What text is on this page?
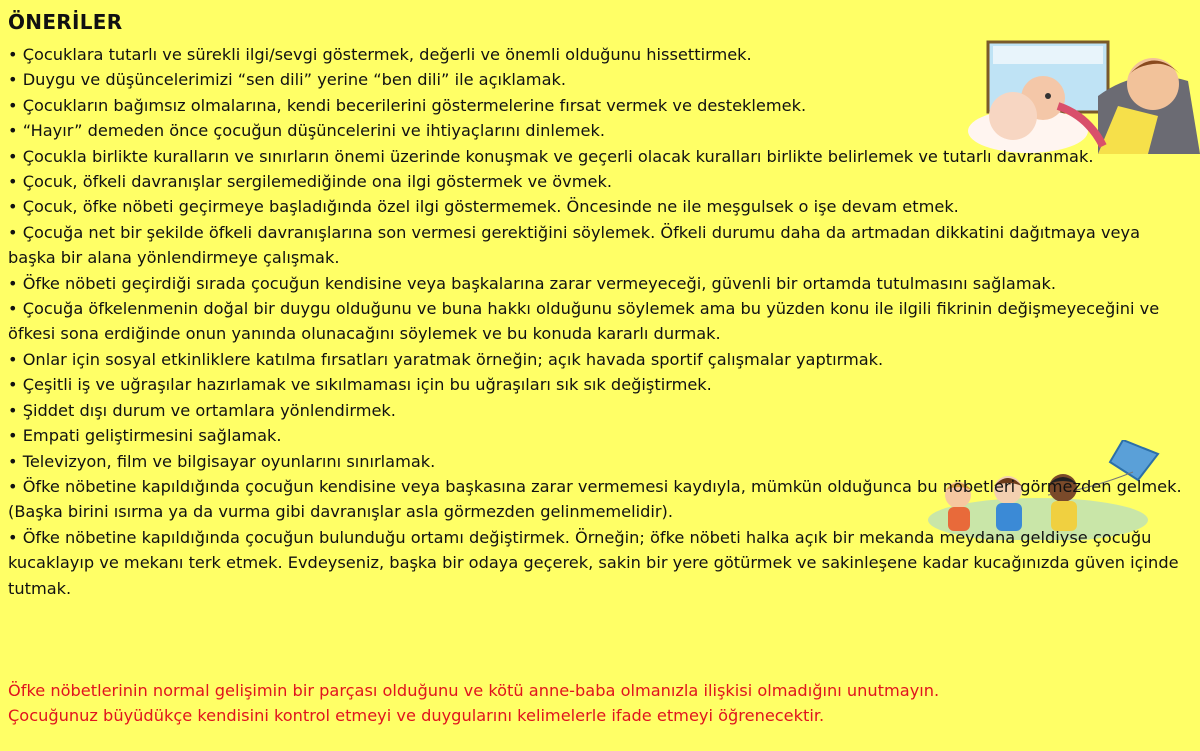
ÖNERİLER
• Çocuklara tutarlı ve sürekli ilgi/sevgi göstermek, değerli ve önemli olduğunu hissettirmek.
• Duygu ve düşüncelerimizi “sen dili” yerine “ben dili” ile açıklamak.
• Çocukların bağımsız olmalarına, kendi becerilerini göstermelerine fırsat vermek ve desteklemek.
• “Hayır” demeden önce çocuğun düşüncelerini ve ihtiyaçlarını dinlemek.
• Çocukla birlikte kuralların ve sınırların önemi üzerinde konuşmak ve geçerli olacak kuralları birlikte belirlemek ve tutarlı davranmak.
• Çocuk, öfkeli davranışlar sergilemediğinde ona ilgi göstermek ve övmek.
• Çocuk, öfke nöbeti geçirmeye başladığında özel ilgi göstermemek. Öncesinde ne ile meşgulsek o işe devam etmek.
• Çocuğa net bir şekilde öfkeli davranışlarına son vermesi gerektiğini söylemek. Öfkeli durumu daha da artmadan dikkatini dağıtmaya veya başka bir alana yönlendirmeye çalışmak.
• Öfke nöbeti geçirdiği sırada çocuğun kendisine veya başkalarına zarar vermeyeceği, güvenli bir ortamda tutulmasını sağlamak.
• Çocuğa öfkelenmenin doğal bir duygu olduğunu ve buna hakkı olduğunu söylemek ama bu yüzden konu ile ilgili fikrinin değişmeyeceğini ve öfkesi sona erdiğinde onun yanında olunacağını söylemek ve bu konuda kararlı durmak.
• Onlar için sosyal etkinliklere katılma fırsatları yaratmak örneğin; açık havada sportif çalışmalar yaptırmak.
• Çeşitli iş ve uğraşılar hazırlamak ve sıkılmaması için bu uğraşıları sık sık değiştirmek.
• Şiddet dışı durum ve ortamlara yönlendirmek.
• Empati geliştirmesini sağlamak.
• Televizyon, film ve bilgisayar oyunlarını sınırlamak.
• Öfke nöbetine kapıldığında çocuğun kendisine veya başkasına zarar vermemesi kaydıyla, mümkün olduğunca bu nöbetleri görmezden gelmek. (Başka birini ısırma ya da vurma gibi davranışlar asla görmezden gelinmemelidir).
• Öfke nöbetine kapıldığında çocuğun bulunduğu ortamı değiştirmek. Örneğin; öfke nöbeti halka açık bir mekanda meydana geldiyse çocuğu kucaklayıp ve mekanı terk etmek. Evdeyseniz, başka bir odaya geçerek, sakin bir yere götürmek ve sakinleşene kadar kucağınızda güven içinde tutmak.
Öfke nöbetlerinin normal gelişimin bir parçası olduğunu ve kötü anne-baba olmanızla ilişkisi olmadığını unutmayın.
Çocuğunuz büyüdükçe kendisini kontrol etmeyi ve duygularını kelimelerle ifade etmeyi öğrenecektir.
